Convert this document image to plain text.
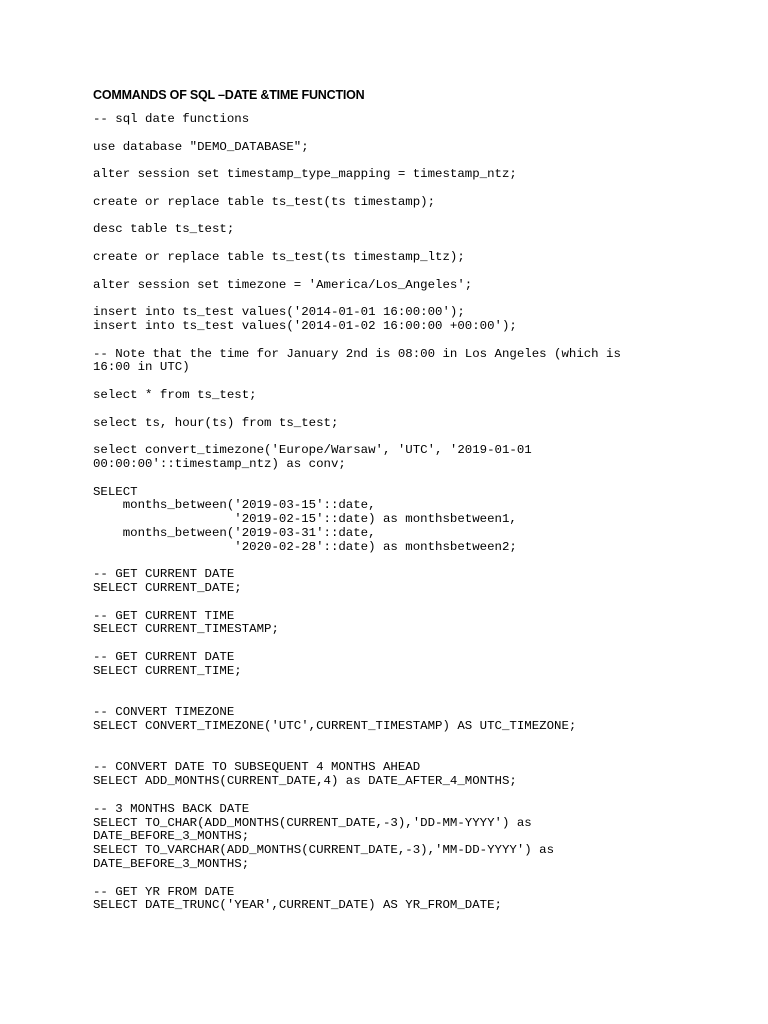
COMMANDS OF SQL –DATE &TIME FUNCTION
-- sql date functions
use database "DEMO_DATABASE";
alter session set timestamp_type_mapping = timestamp_ntz;
create or replace table ts_test(ts timestamp);
desc table ts_test;
create or replace table ts_test(ts timestamp_ltz);
alter session set timezone = 'America/Los_Angeles';
insert into ts_test values('2014-01-01 16:00:00');
insert into ts_test values('2014-01-02 16:00:00 +00:00');
-- Note that the time for January 2nd is 08:00 in Los Angeles (which is
16:00 in UTC)
select * from ts_test;
select ts, hour(ts) from ts_test;
select convert_timezone('Europe/Warsaw', 'UTC', '2019-01-01
00:00:00'::timestamp_ntz) as conv;
SELECT
months_between('2019-03-15'::date,
'2019-02-15'::date) as monthsbetween1,
months_between('2019-03-31'::date,
'2020-02-28'::date) as monthsbetween2;
-- GET CURRENT DATE
SELECT CURRENT_DATE;
-- GET CURRENT TIME
SELECT CURRENT_TIMESTAMP;
-- GET CURRENT DATE
SELECT CURRENT_TIME;
-- CONVERT TIMEZONE
SELECT CONVERT_TIMEZONE('UTC',CURRENT_TIMESTAMP) AS UTC_TIMEZONE;
-- CONVERT DATE TO SUBSEQUENT 4 MONTHS AHEAD
SELECT ADD_MONTHS(CURRENT_DATE,4) as DATE_AFTER_4_MONTHS;
-- 3 MONTHS BACK DATE
SELECT TO_CHAR(ADD_MONTHS(CURRENT_DATE,-3),'DD-MM-YYYY') as
DATE_BEFORE_3_MONTHS;
SELECT TO_VARCHAR(ADD_MONTHS(CURRENT_DATE,-3),'MM-DD-YYYY') as
DATE_BEFORE_3_MONTHS;
-- GET YR FROM DATE
SELECT DATE_TRUNC('YEAR',CURRENT_DATE) AS YR_FROM_DATE;
